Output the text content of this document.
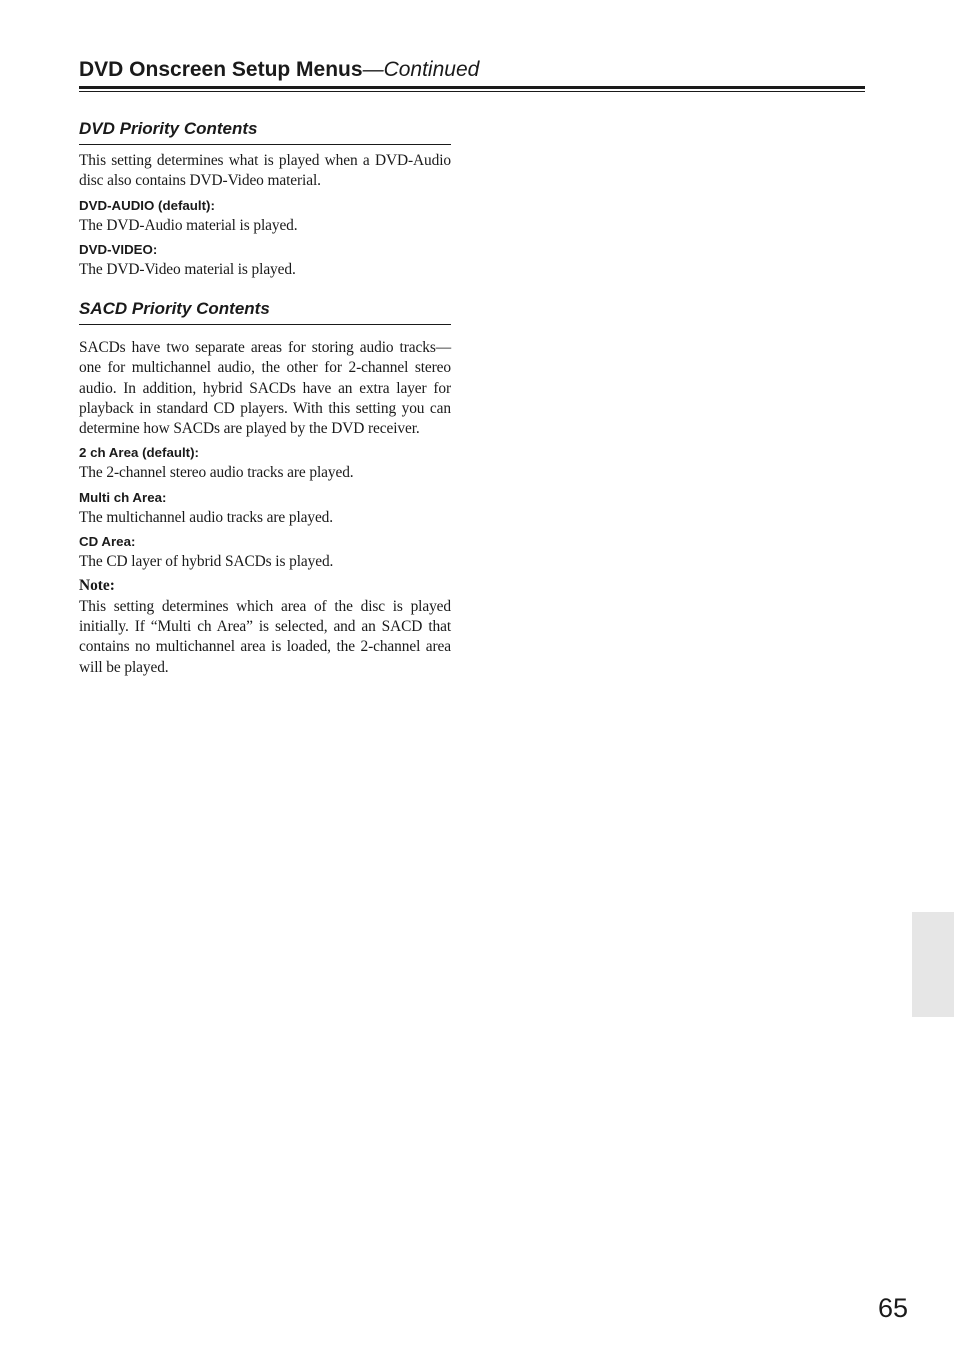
DVD Onscreen Setup Menus—Continued
DVD Priority Contents

This setting determines what is played when a DVD-Audio disc also contains DVD-Video material.

DVD-AUDIO (default):

The DVD-Audio material is played.

DVD-VIDEO:

The DVD-Video material is played.

SACD Priority Contents

SACDs have two separate areas for storing audio tracks—one for multichannel audio, the other for 2-channel stereo audio. In addition, hybrid SACDs have an extra layer for playback in standard CD players. With this setting you can determine how SACDs are played by the DVD receiver.

2 ch Area (default):

The 2-channel stereo audio tracks are played.

Multi ch Area:

The multichannel audio tracks are played.

CD Area:

The CD layer of hybrid SACDs is played.

Note:

This setting determines which area of the disc is played initially. If “Multi ch Area” is selected, and an SACD that contains no multichannel area is loaded, the 2-channel area will be played.

65
